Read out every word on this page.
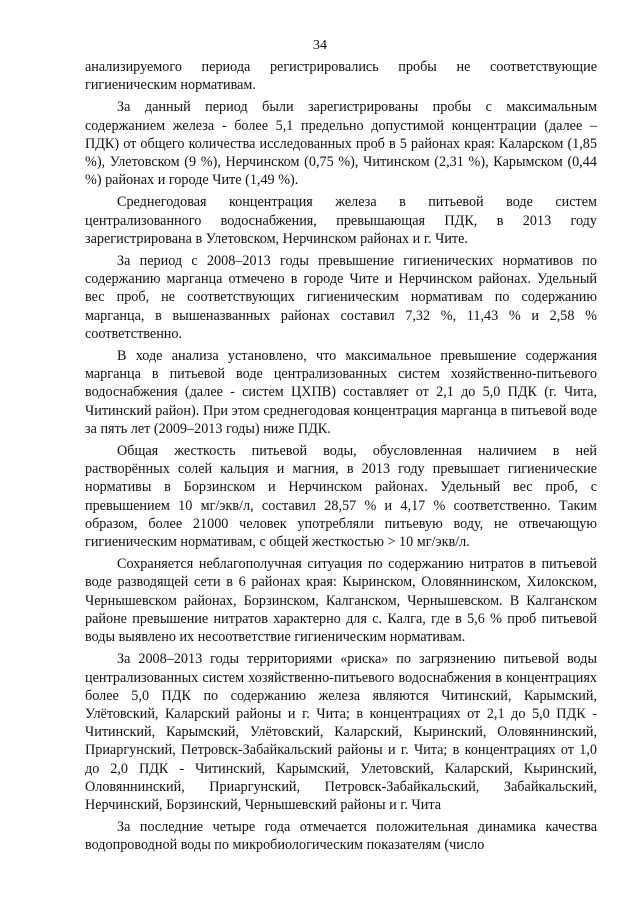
34

анализируемого периода регистрировались пробы не соответствующие гигиеническим нормативам.

За данный период были зарегистрированы пробы с максимальным содержанием железа - более 5,1 предельно допустимой концентрации (далее – ПДК) от общего количества исследованных проб в 5 районах края: Каларском (1,85 %), Улетовском (9 %), Нерчинском (0,75 %), Читинском (2,31 %), Карымском (0,44 %) районах и городе Чите (1,49 %).

Среднегодовая концентрация железа в питьевой воде систем централизованного водоснабжения, превышающая ПДК, в 2013 году зарегистрирована в Улетовском, Нерчинском районах и г. Чите.

За период с 2008–2013 годы превышение гигиенических нормативов по содержанию марганца отмечено в городе Чите и Нерчинском районах. Удельный вес проб, не соответствующих гигиеническим нормативам по содержанию марганца, в вышеназванных районах составил 7,32 %, 11,43 % и 2,58 % соответственно.

В ходе анализа установлено, что максимальное превышение содержания марганца в питьевой воде централизованных систем хозяйственно-питьевого водоснабжения (далее - систем ЦХПВ) составляет от 2,1 до 5,0 ПДК (г. Чита, Читинский район). При этом среднегодовая концентрация марганца в питьевой воде за пять лет (2009–2013 годы) ниже ПДК.

Общая жесткость питьевой воды, обусловленная наличием в ней растворённых солей кальция и магния, в 2013 году превышает гигиенические нормативы в Борзинском и Нерчинском районах. Удельный вес проб, с превышением 10 мг/экв/л, составил 28,57 % и 4,17 % соответственно. Таким образом, более 21000 человек употребляли питьевую воду, не отвечающую гигиеническим нормативам, с общей жесткостью > 10 мг/экв/л.

Сохраняется неблагополучная ситуация по содержанию нитратов в питьевой воде разводящей сети в 6 районах края: Кыринском, Оловяннинском, Хилокском, Чернышевском районах, Борзинском, Калганском, Чернышевском. В Калганском районе превышение нитратов характерно для с. Калга, где в 5,6 % проб питьевой воды выявлено их несоответствие гигиеническим нормативам.

За 2008–2013 годы территориями «риска» по загрязнению питьевой воды централизованных систем хозяйственно-питьевого водоснабжения в концентрациях более 5,0 ПДК по содержанию железа являются Читинский, Карымский, Улётовский, Каларский районы и г. Чита; в концентрациях от 2,1 до 5,0 ПДК - Читинский, Карымский, Улётовский, Каларский, Кыринский, Оловяннинский, Приаргунский, Петровск-Забайкальский районы и г. Чита; в концентрациях от 1,0 до 2,0 ПДК - Читинский, Карымский, Улетовский, Каларский, Кыринский, Оловяннинский, Приаргунский, Петровск-Забайкальский, Забайкальский, Нерчинский, Борзинский, Чернышевский районы и г. Чита

За последние четыре года отмечается положительная динамика качества водопроводной воды по микробиологическим показателям (число
